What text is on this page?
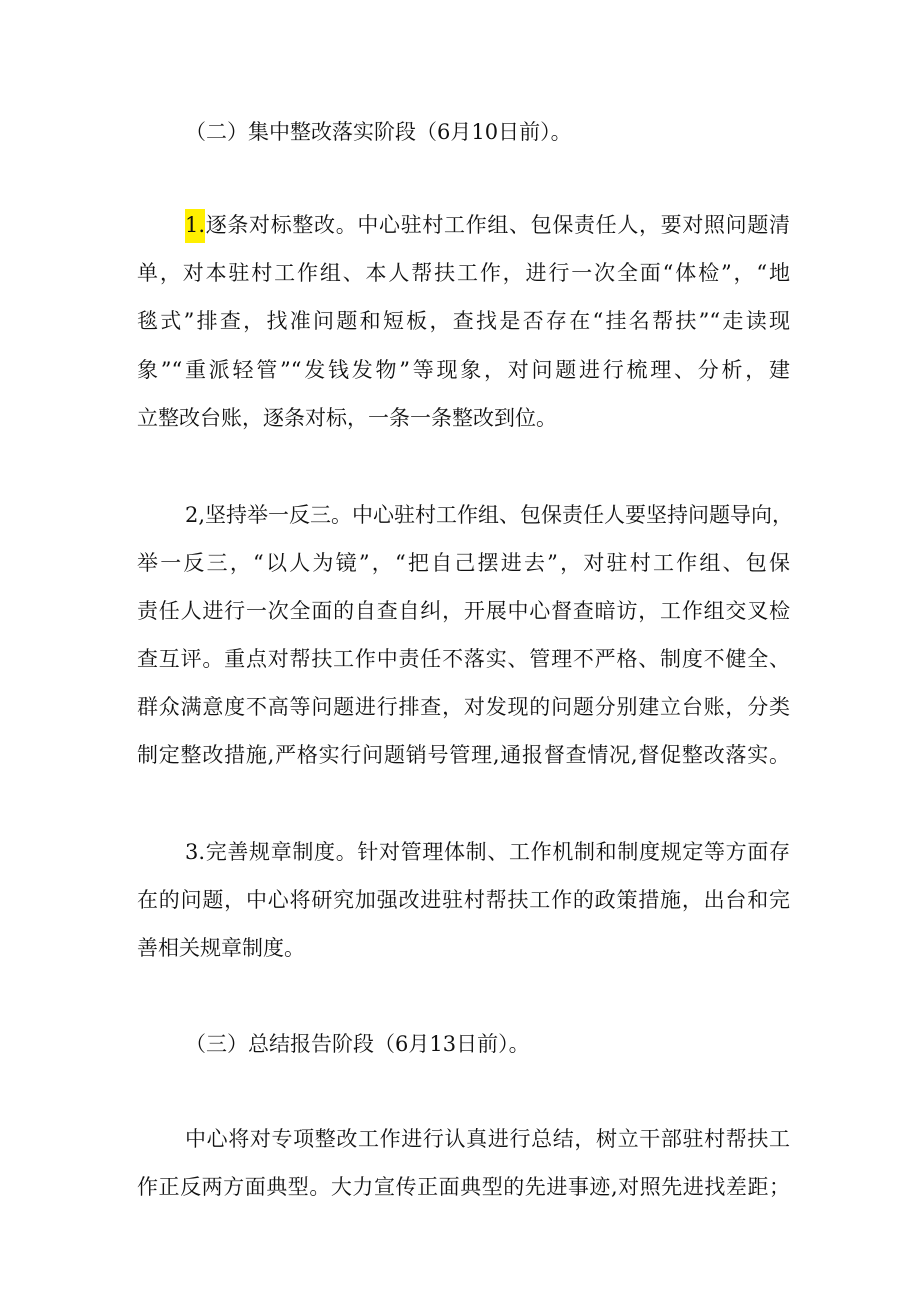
（二）集中整改落实阶段（6月10日前）。
1.逐条对标整改。中心驻村工作组、包保责任人，要对照问题清
单，对本驻村工作组、本人帮扶工作，进行一次全面“体检”，“地
毯式”排查，找准问题和短板，查找是否存在“挂名帮扶”“走读现
象”“重派轻管”“发钱发物”等现象，对问题进行梳理、分析，建
立整改台账，逐条对标，一条一条整改到位。
2,坚持举一反三。中心驻村工作组、包保责任人要坚持问题导向，
举一反三，“以人为镜”，“把自己摆进去”，对驻村工作组、包保
责任人进行一次全面的自查自纠，开展中心督查暗访，工作组交叉检
查互评。重点对帮扶工作中责任不落实、管理不严格、制度不健全、
群众满意度不高等问题进行排查，对发现的问题分别建立台账，分类
制定整改措施,严格实行问题销号管理,通报督查情况,督促整改落实。
3.完善规章制度。针对管理体制、工作机制和制度规定等方面存
在的问题，中心将研究加强改进驻村帮扶工作的政策措施，出台和完
善相关规章制度。
（三）总结报告阶段（6月13日前）。
中心将对专项整改工作进行认真进行总结，树立干部驻村帮扶工
作正反两方面典型。大力宣传正面典型的先进事迹,对照先进找差距；
